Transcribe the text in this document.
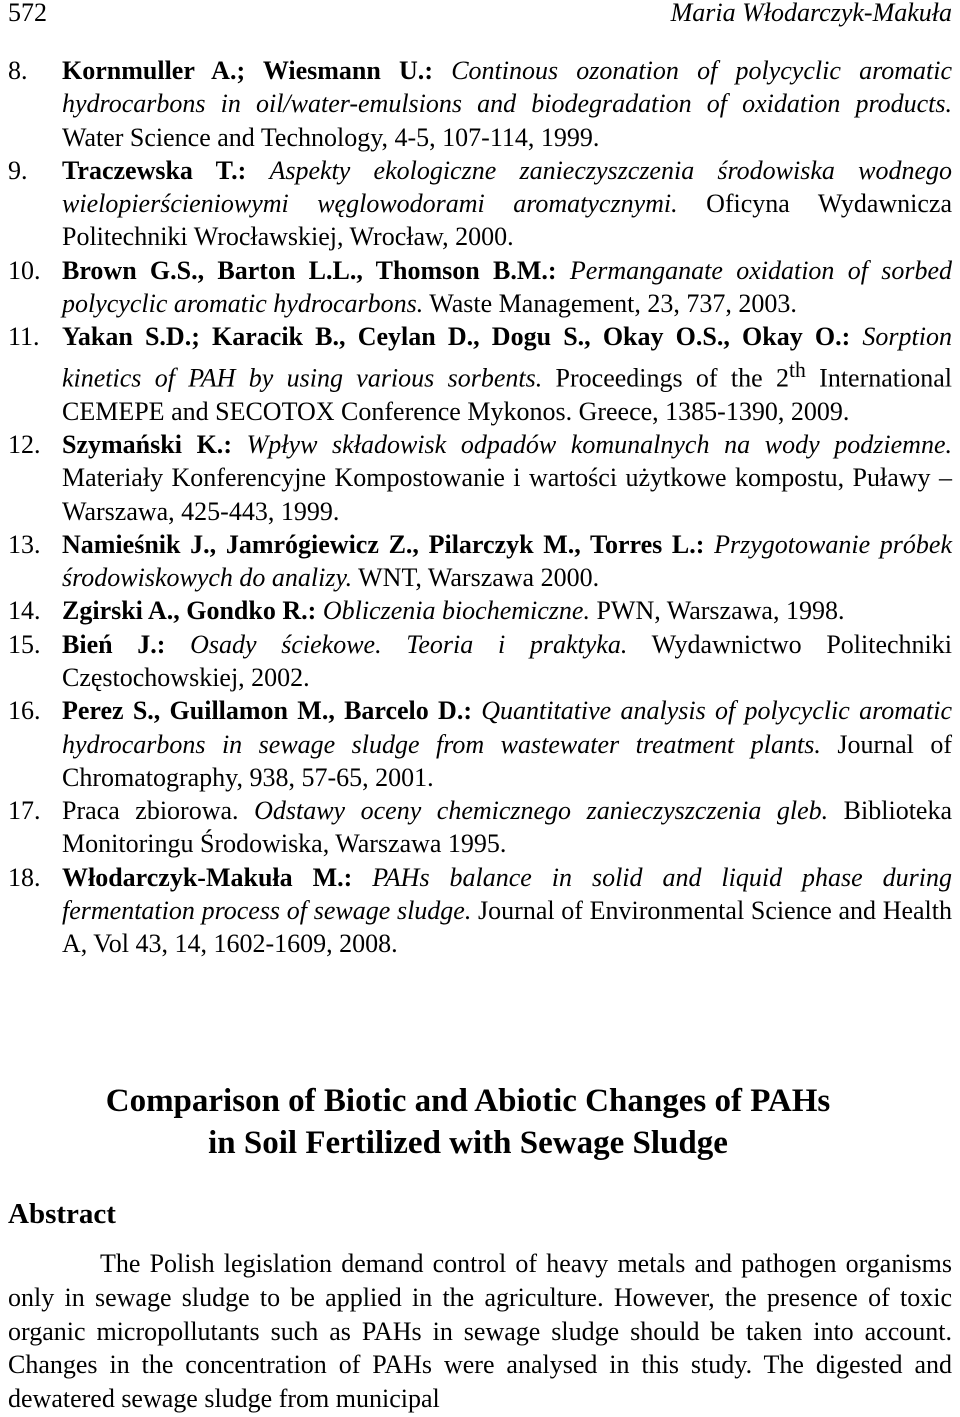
572	Maria Włodarczyk-Makuła
8. Kornmuller A.; Wiesmann U.: Continous ozonation of polycyclic aromatic hydrocarbons in oil/water-emulsions and biodegradation of oxidation products. Water Science and Technology, 4-5, 107-114, 1999.
9. Traczewska T.: Aspekty ekologiczne zanieczyszczenia środowiska wodnego wielopierścieniowymi węglowodorami aromatycznymi. Oficyna Wydawnicza Politechniki Wrocławskiej, Wrocław, 2000.
10. Brown G.S., Barton L.L., Thomson B.M.: Permanganate oxidation of sorbed polycyclic aromatic hydrocarbons. Waste Management, 23, 737, 2003.
11. Yakan S.D.; Karacik B., Ceylan D., Dogu S., Okay O.S., Okay O.: Sorption kinetics of PAH by using various sorbents. Proceedings of the 2th International CEMEPE and SECOTOX Conference Mykonos. Greece, 1385-1390, 2009.
12. Szymański K.: Wpływ składowisk odpadów komunalnych na wody podziemne. Materiały Konferencyjne Kompostowanie i wartości użytkowe kompostu, Puławy – Warszawa, 425-443, 1999.
13. Namieśnik J., Jamrógiewicz Z., Pilarczyk M., Torres L.: Przygotowanie próbek środowiskowych do analizy. WNT, Warszawa 2000.
14. Zgirski A., Gondko R.: Obliczenia biochemiczne. PWN, Warszawa, 1998.
15. Bień J.: Osady ściekowe. Teoria i praktyka. Wydawnictwo Politechniki Częstochowskiej, 2002.
16. Perez S., Guillamon M., Barcelo D.: Quantitative analysis of polycyclic aromatic hydrocarbons in sewage sludge from wastewater treatment plants. Journal of Chromatography, 938, 57-65, 2001.
17. Praca zbiorowa. Odstawy oceny chemicznego zanieczyszczenia gleb. Biblioteka Monitoringu Środowiska, Warszawa 1995.
18. Włodarczyk-Makuła M.: PAHs balance in solid and liquid phase during fermentation process of sewage sludge. Journal of Environmental Science and Health A, Vol 43, 14, 1602-1609, 2008.
Comparison of Biotic and Abiotic Changes of PAHs
in Soil Fertilized with Sewage Sludge
Abstract

The Polish legislation demand control of heavy metals and pathogen organisms only in sewage sludge to be applied in the agriculture. However, the presence of toxic organic micropollutants such as PAHs in sewage sludge should be taken into account. Changes in the concentration of PAHs were analysed in this study. The digested and dewatered sewage sludge from municipal
